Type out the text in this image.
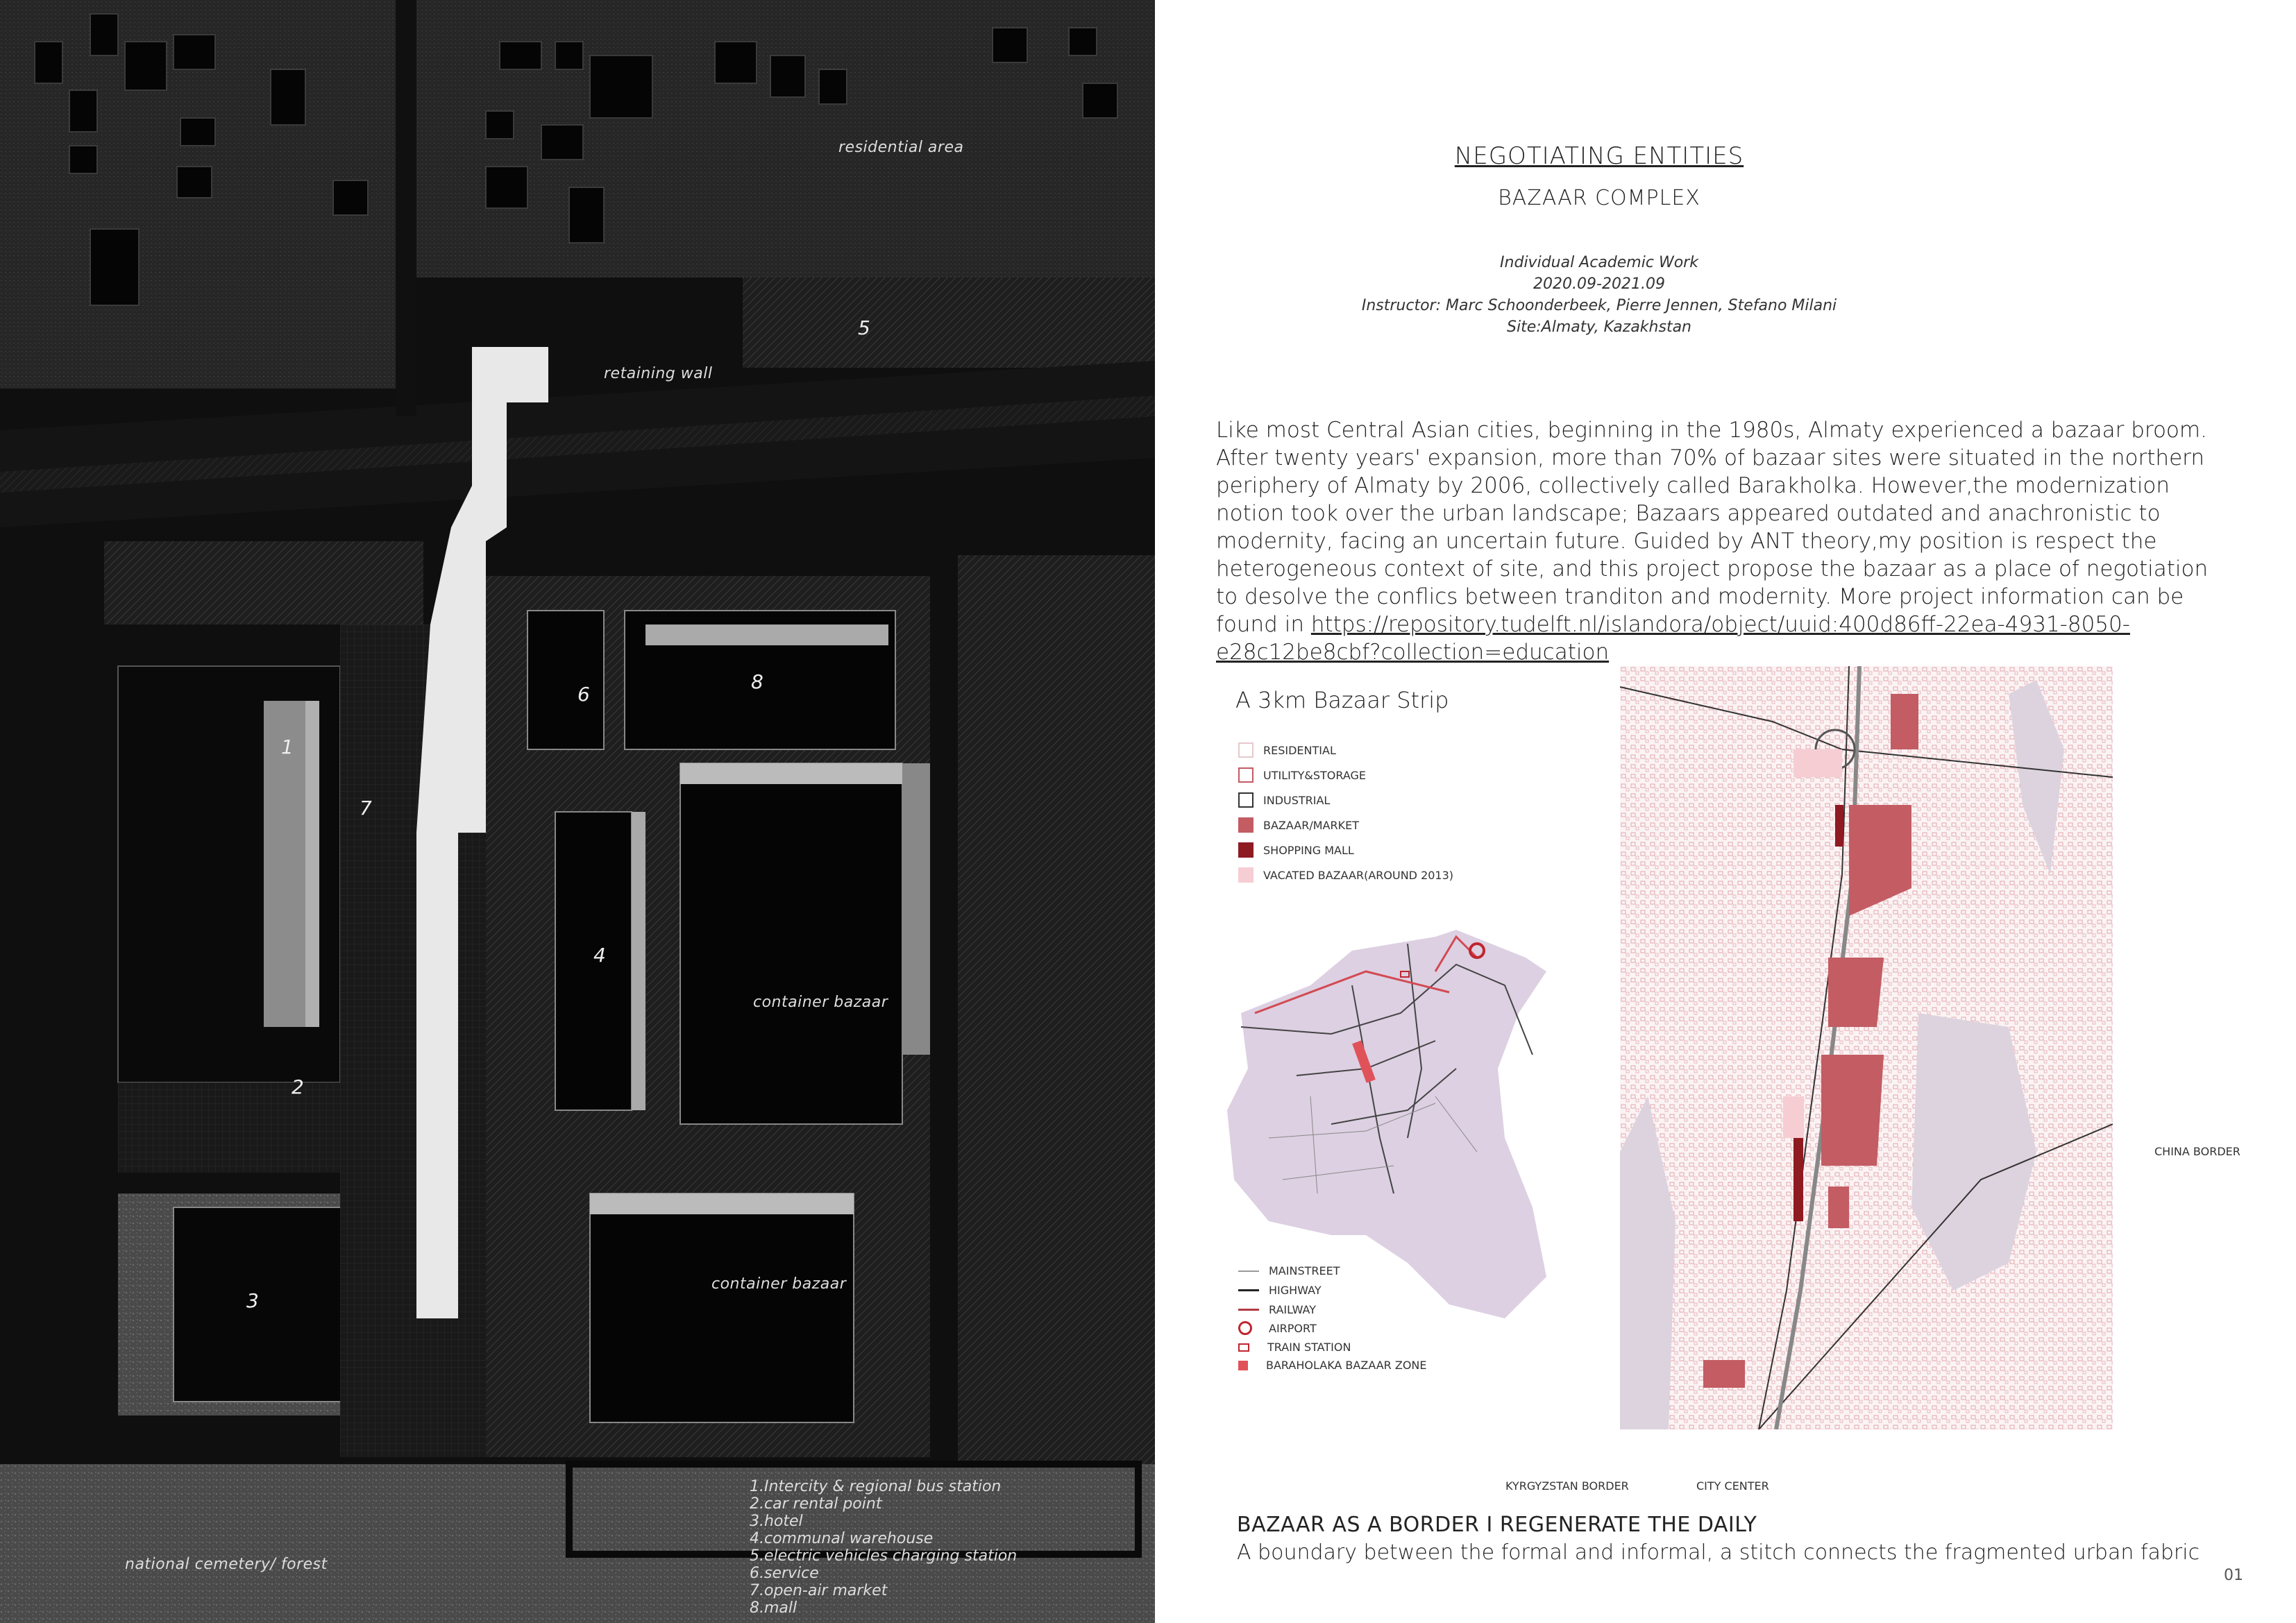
residential area
retaining wall
container bazaar
container bazaar
national cemetery/ forest
1
2
3
4
5
6
7
8
1.Intercity & regional bus station
2.car rental point
3.hotel
4.communal warehouse
5.electric vehicles charging station
6.service
7.open-air market
8.mall
NEGOTIATING ENTITIES
BAZAAR COMPLEX
Individual Academic Work
2020.09-2021.09
Instructor: Marc Schoonderbeek, Pierre Jennen, Stefano Milani
Site:Almaty, Kazakhstan

Like most Central Asian cities, beginning in the 1980s, Almaty experienced a bazaar broom. After twenty years' expansion, more than 70% of bazaar sites were situated in the northern periphery of Almaty by 2006, collectively called Barakholka. However,the modernization notion took over the urban landscape; Bazaars appeared outdated and anachronistic to modernity, facing an uncertain future. Guided by ANT theory,my position is respect the heterogeneous context of site, and this project propose the bazaar as a place of negotiation to desolve the conflics between tranditon and modernity. More project information can be found in https://repository.tudelft.nl/islandora/object/uuid:400d86ff-22ea-4931-8050-e28c12be8cbf?collection=education

A 3km Bazaar Strip
RESIDENTIAL
UTILITY&STORAGE
INDUSTRIAL
BAZAAR/MARKET
SHOPPING MALL
VACATED BAZAAR(AROUND 2013)
MAINSTREET
HIGHWAY
RAILWAY
AIRPORT
TRAIN STATION
BARAHOLAKA BAZAAR ZONE
CHINA BORDER
KYRGYZSTAN BORDER	CITY CENTER
BAZAAR AS A BORDER I REGENERATE THE DAILY
A boundary between the formal and informal, a stitch connects the fragmented urban fabric
01
